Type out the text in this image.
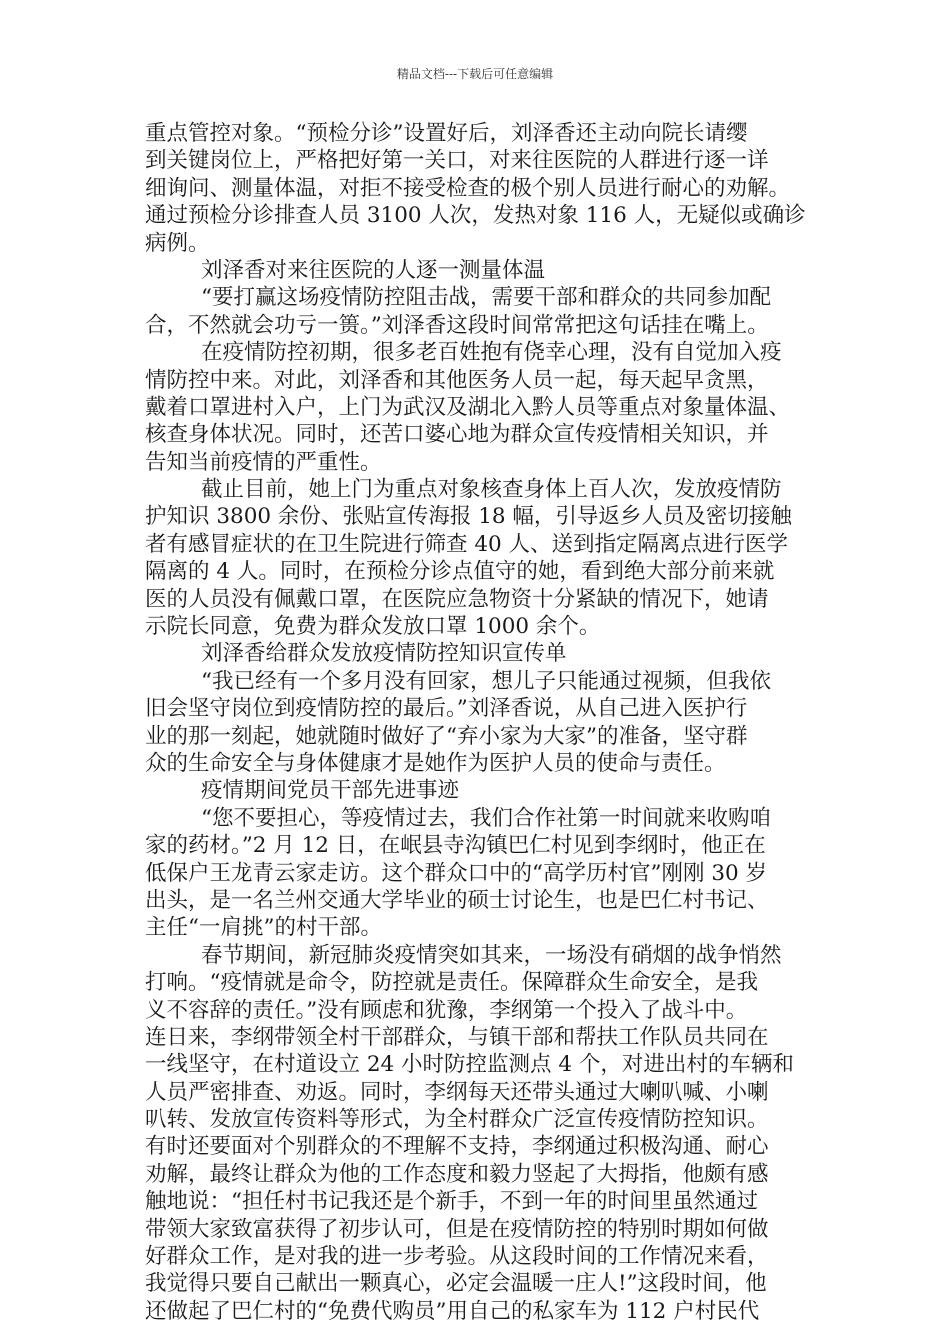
精品文档---下载后可任意编辑
重点管控对象。“预检分诊”设置好后，刘泽香还主动向院长请缨
到关键岗位上，严格把好第一关口，对来往医院的人群进行逐一详
细询问、测量体温，对拒不接受检查的极个别人员进行耐心的劝解。
通过预检分诊排查人员 3100 人次，发热对象 116 人，无疑似或确诊
病例。
刘泽香对来往医院的人逐一测量体温
“要打赢这场疫情防控阻击战，需要干部和群众的共同参加配
合，不然就会功亏一篑。”刘泽香这段时间常常把这句话挂在嘴上。
在疫情防控初期，很多老百姓抱有侥幸心理，没有自觉加入疫
情防控中来。对此，刘泽香和其他医务人员一起，每天起早贪黑，
戴着口罩进村入户，上门为武汉及湖北入黔人员等重点对象量体温、
核查身体状况。同时，还苦口婆心地为群众宣传疫情相关知识，并
告知当前疫情的严重性。
截止目前，她上门为重点对象核查身体上百人次，发放疫情防
护知识 3800 余份、张贴宣传海报 18 幅，引导返乡人员及密切接触
者有感冒症状的在卫生院进行筛查 40 人、送到指定隔离点进行医学
隔离的 4 人。同时，在预检分诊点值守的她，看到绝大部分前来就
医的人员没有佩戴口罩，在医院应急物资十分紧缺的情况下，她请
示院长同意，免费为群众发放口罩 1000 余个。
刘泽香给群众发放疫情防控知识宣传单
“我已经有一个多月没有回家，想儿子只能通过视频，但我依
旧会坚守岗位到疫情防控的最后。”刘泽香说，从自己进入医护行
业的那一刻起，她就随时做好了“弃小家为大家”的准备，坚守群
众的生命安全与身体健康才是她作为医护人员的使命与责任。
疫情期间党员干部先进事迹
“您不要担心，等疫情过去，我们合作社第一时间就来收购咱
家的药材。”2 月 12 日，在岷县寺沟镇巴仁村见到李纲时，他正在
低保户王龙青云家走访。这个群众口中的“高学历村官”刚刚 30 岁
出头，是一名兰州交通大学毕业的硕士讨论生，也是巴仁村书记、
主任“一肩挑”的村干部。
春节期间，新冠肺炎疫情突如其来，一场没有硝烟的战争悄然
打响。“疫情就是命令，防控就是责任。保障群众生命安全，是我
义不容辞的责任。”没有顾虑和犹豫，李纲第一个投入了战斗中。
连日来，李纲带领全村干部群众，与镇干部和帮扶工作队员共同在
一线坚守，在村道设立 24 小时防控监测点 4 个，对进出村的车辆和
人员严密排查、劝返。同时，李纲每天还带头通过大喇叭喊、小喇
叭转、发放宣传资料等形式，为全村群众广泛宣传疫情防控知识。
有时还要面对个别群众的不理解不支持，李纲通过积极沟通、耐心
劝解，最终让群众为他的工作态度和毅力竖起了大拇指，他颇有感
触地说：“担任村书记我还是个新手，不到一年的时间里虽然通过
带领大家致富获得了初步认可，但是在疫情防控的特别时期如何做
好群众工作，是对我的进一步考验。从这段时间的工作情况来看，
我觉得只要自己献出一颗真心，必定会温暖一庄人!”这段时间，他
还做起了巴仁村的“免费代购员”用自己的私家车为 112 户村民代
